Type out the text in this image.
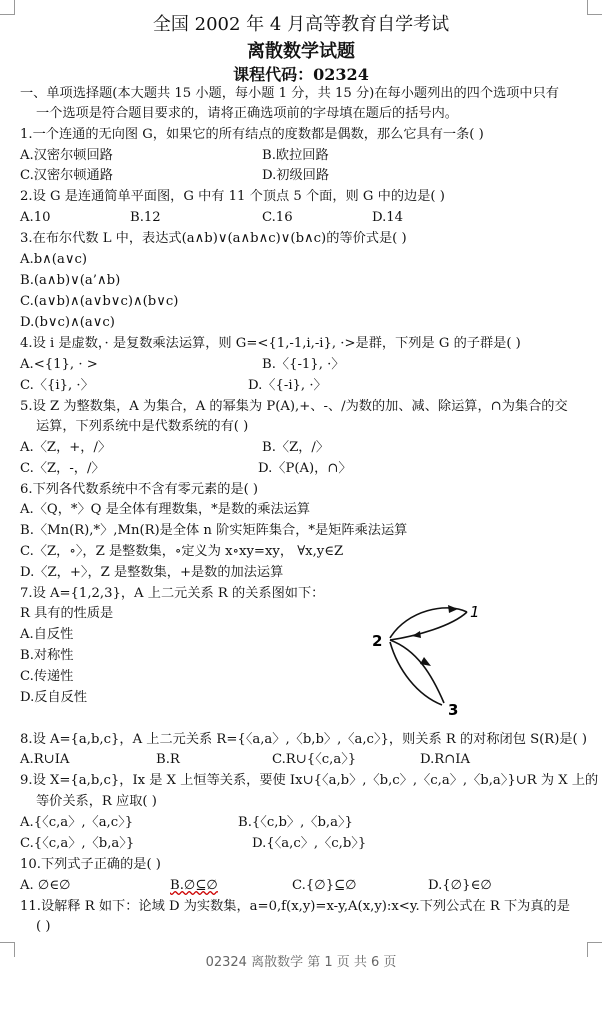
全国 2002 年 4 月高等教育自学考试
离散数学试题
课程代码：02324
一、单项选择题(本大题共 15 小题，每小题 1 分，共 15 分)在每小题列出的四个选项中只有
一个选项是符合题目要求的，请将正确选项前的字母填在题后的括号内。
1.一个连通的无向图 G，如果它的所有结点的度数都是偶数，那么它具有一条( )
A.汉密尔顿回路	B.欧拉回路
C.汉密尔顿通路	D.初级回路
2.设 G 是连通简单平面图，G 中有 11 个顶点 5 个面，则 G 中的边是( )
A.10	B.12	C.16	D.14
3.在布尔代数 L 中，表达式(a∧b)∨(a∧b∧c)∨(b∧c)的等价式是( )
A.b∧(a∨c)
B.(a∧b)∨(a’∧b)
C.(a∨b)∧(a∨b∨c)∧(b∨c)
D.(b∨c)∧(a∨c)
4.设 i 是虚数，· 是复数乘法运算，则 G=<{1,-1,i,-i}, ·>是群，下列是 G 的子群是( )
A.<{1}, · >	B.〈{-1}, ·〉
C.〈{i}, ·〉	D.〈{-i}, ·〉
5.设 Z 为整数集，A 为集合，A 的幂集为 P(A),+、-、/为数的加、减、除运算，∩为集合的交
运算，下列系统中是代数系统的有( )
A.〈Z，+，/〉	B.〈Z，/〉
C.〈Z，-，/〉	D.〈P(A)，∩〉
6.下列各代数系统中不含有零元素的是( )
A.〈Q，*〉Q 是全体有理数集，*是数的乘法运算
B.〈Mn(R),*〉,Mn(R)是全体 n 阶实矩阵集合，*是矩阵乘法运算
C.〈Z，∘〉，Z 是整数集，∘定义为 x∘xy=xy， ∀x,y∈Z
D.〈Z，+〉，Z 是整数集，+是数的加法运算
7.设 A={1,2,3}，A 上二元关系 R 的关系图如下：
R 具有的性质是
A.自反性
B.对称性
C.传递性
D.反自反性
1
2
3
8.设 A={a,b,c}，A 上二元关系 R={〈a,a〉,〈b,b〉,〈a,c〉}，则关系 R 的对称闭包 S(R)是( )
A.R∪IA	B.R	C.R∪{〈c,a〉}	D.R∩IA
9.设 X={a,b,c}，Ix 是 X 上恒等关系，要使 Ix∪{〈a,b〉,〈b,c〉,〈c,a〉,〈b,a〉}∪R 为 X 上的
等价关系，R 应取( )
A.{〈c,a〉,〈a,c〉}	B.{〈c,b〉,〈b,a〉}
C.{〈c,a〉,〈b,a〉}	D.{〈a,c〉,〈c,b〉}
10.下列式子正确的是( )
A. ∅∈∅	B.∅⊆∅	C.{∅}⊆∅	D.{∅}∈∅
11.设解释 R 如下：论域 D 为实数集，a=0,f(x,y)=x-y,A(x,y):x<y.下列公式在 R 下为真的是
( )
02324 离散数学 第 1 页 共 6 页
